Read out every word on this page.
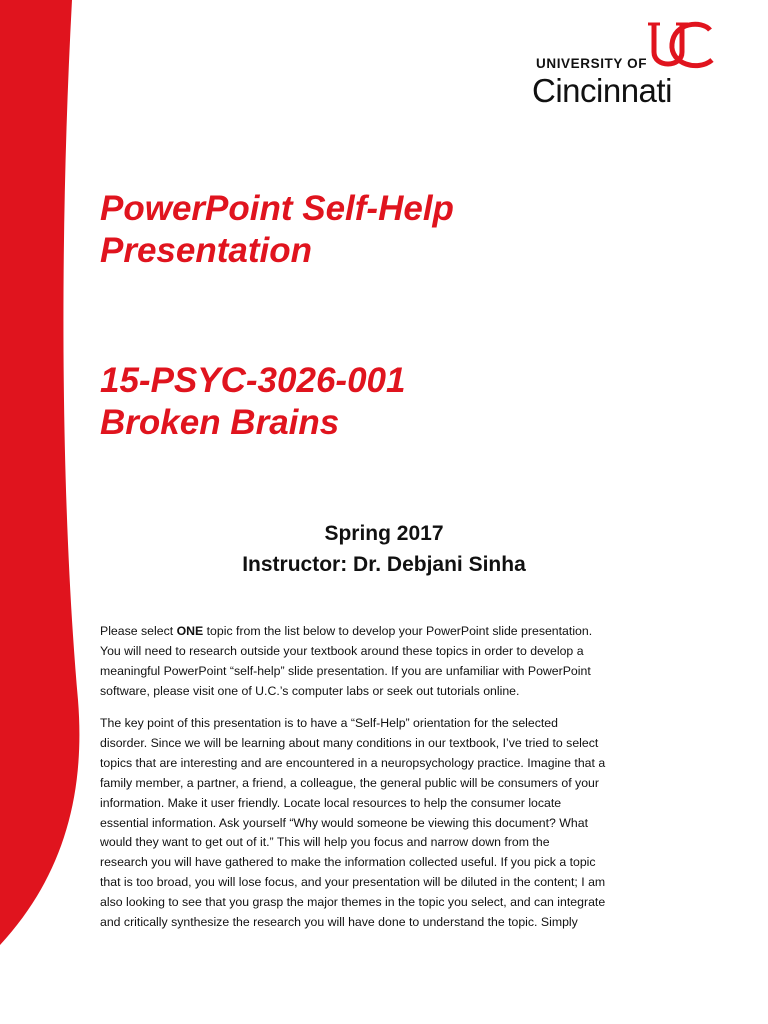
UNIVERSITY OF
Cincinnati
PowerPoint Self-Help
Presentation
15-PSYC-3026-001
Broken Brains
Spring 2017
Instructor: Dr. Debjani Sinha
Please select ONE topic from the list below to develop your PowerPoint slide presentation.
You will need to research outside your textbook around these topics in order to develop a
meaningful PowerPoint “self-help” slide presentation. If you are unfamiliar with PowerPoint
software, please visit one of U.C.’s computer labs or seek out tutorials online.
The key point of this presentation is to have a “Self-Help” orientation for the selected
disorder. Since we will be learning about many conditions in our textbook, I’ve tried to select
topics that are interesting and are encountered in a neuropsychology practice. Imagine that a
family member, a partner, a friend, a colleague, the general public will be consumers of your
information. Make it user friendly. Locate local resources to help the consumer locate
essential information. Ask yourself “Why would someone be viewing this document? What
would they want to get out of it.” This will help you focus and narrow down from the
research you will have gathered to make the information collected useful. If you pick a topic
that is too broad, you will lose focus, and your presentation will be diluted in the content; I am
also looking to see that you grasp the major themes in the topic you select, and can integrate
and critically synthesize the research you will have done to understand the topic. Simply
